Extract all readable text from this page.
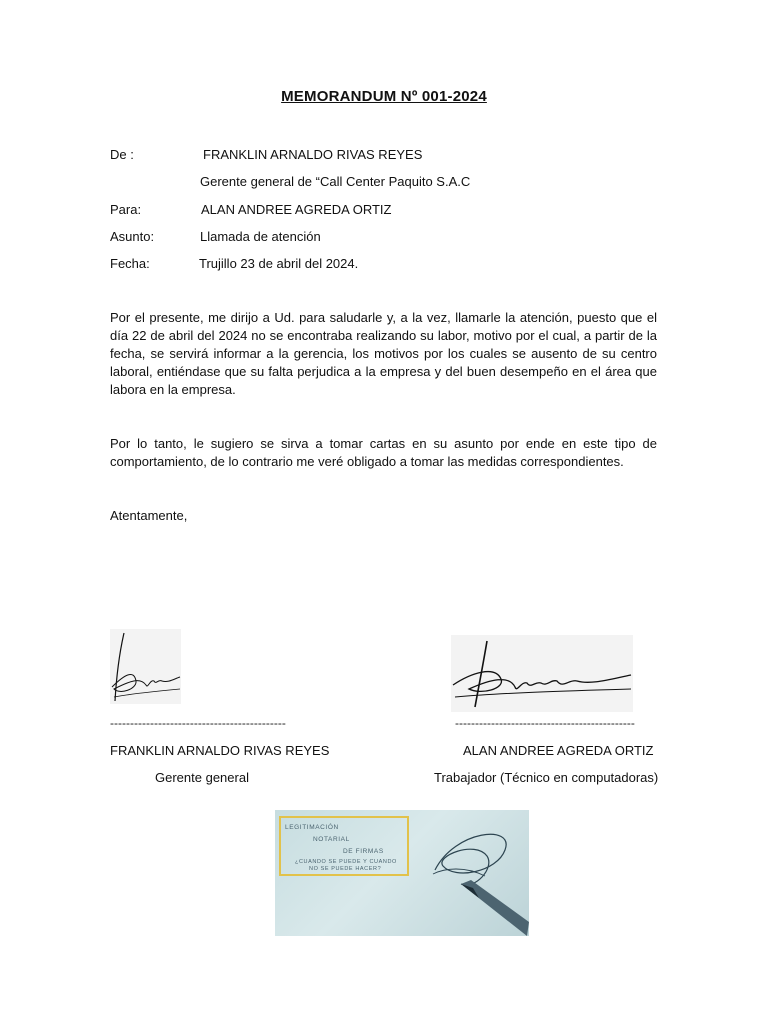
MEMORANDUM Nº 001-2024
De :	FRANKLIN ARNALDO RIVAS REYES
Gerente general de “Call Center Paquito S.A.C
Para:	ALAN ANDREE AGREDA ORTIZ
Asunto:	Llamada de atención
Fecha:	Trujillo 23 de abril del 2024.

Por el presente, me dirijo a Ud. para saludarle y, a la vez, llamarle la atención, puesto que el día 22 de abril del 2024 no se encontraba realizando su labor, motivo por el cual, a partir de la fecha, se servirá informar a la gerencia, los motivos por los cuales se ausento de su centro laboral, entiéndase que su falta perjudica a la empresa y del buen desempeño en el área que labora en la empresa.

Por lo tanto, le sugiero se sirva a tomar cartas en su asunto por ende en este tipo de comportamiento, de lo contrario me veré obligado a tomar las medidas correspondientes.

Atentamente,
--------------------------------------------	---------------------------------------------
FRANKLIN ARNALDO RIVAS REYES	ALAN ANDREE AGREDA ORTIZ
Gerente general	Trabajador (Técnico en computadoras)
LEGITIMACIÓN
NOTARIAL
DE FIRMAS
¿CUANDO SE PUEDE Y CUANDO
NO SE PUEDE HACER?
